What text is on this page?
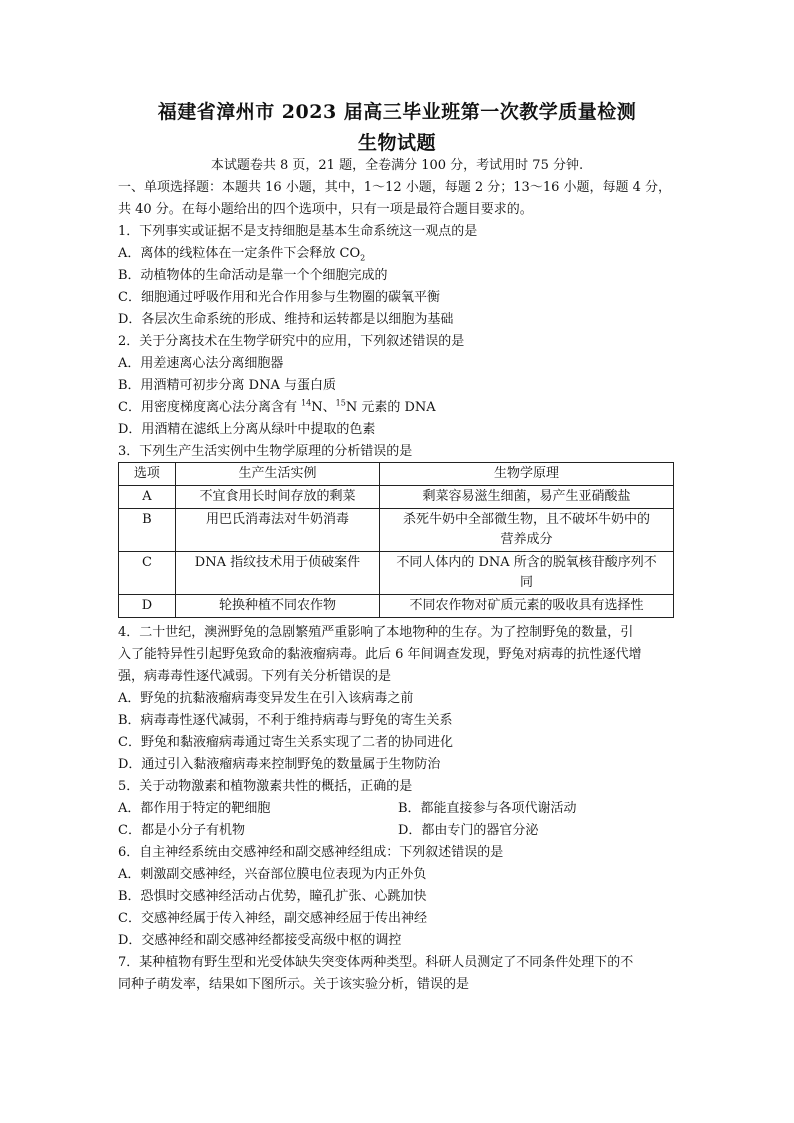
福建省漳州市 2023 届高三毕业班第一次教学质量检测
生物试题
本试题卷共 8 页，21 题，全卷满分 100 分，考试用时 75 分钟.
一、单项选择题：本题共 16 小题，其中，1～12 小题，每题 2 分；13～16 小题，每题 4 分，
共 40 分。在每小题给出的四个选项中，只有一项是最符合题目要求的。
1．下列事实或证据不是支持细胞是基本生命系统这一观点的是
A．离体的线粒体在一定条件下会释放 $CO_2$
B．动植物体的生命活动是靠一个个细胞完成的
C．细胞通过呼吸作用和光合作用参与生物圈的碳氧平衡
D．各层次生命系统的形成、维持和运转都是以细胞为基础
2．关于分离技术在生物学研究中的应用，下列叙述错误的是
A．用差速离心法分离细胞器
B．用酒精可初步分离 DNA 与蛋白质
C．用密度梯度离心法分离含有 $^{14}$N、$^{15}$N 元素的 DNA
D．用酒精在滤纸上分离从绿叶中提取的色素
3．下列生产生活实例中生物学原理的分析错误的是
选项	生产生活实例	生物学原理
A	不宜食用长时间存放的剩菜	剩菜容易滋生细菌，易产生亚硝酸盐

B	用巴氏消毒法对牛奶消毒	杀死牛奶中全部微生物，且不破坏牛奶中的
营养成分

C	DNA 指纹技术用于侦破案件	不同人体内的 DNA 所含的脱氧核苷酸序列不
同

D	轮换种植不同农作物	不同农作物对矿质元素的吸收具有选择性
4．二十世纪，澳洲野兔的急剧繁殖严重影响了本地物种的生存。为了控制野兔的数量，引
入了能特异性引起野兔致命的黏液瘤病毒。此后 6 年间调查发现，野兔对病毒的抗性逐代增
强，病毒毒性逐代减弱。下列有关分析错误的是
A．野兔的抗黏液瘤病毒变异发生在引入该病毒之前
B．病毒毒性逐代减弱，不利于维持病毒与野兔的寄生关系
C．野兔和黏液瘤病毒通过寄生关系实现了二者的协同进化
D．通过引入黏液瘤病毒来控制野兔的数量属于生物防治
5．关于动物激素和植物激素共性的概括，正确的是
A．都作用于特定的靶细胞	B．都能直接参与各项代谢活动
C．都是小分子有机物	D．都由专门的器官分泌
6．自主神经系统由交感神经和副交感神经组成：下列叙述错误的是
A．刺激副交感神经，兴奋部位膜电位表现为内正外负
B．恐惧时交感神经活动占优势，瞳孔扩张、心跳加快
C．交感神经属于传入神经，副交感神经屈于传出神经
D．交感神经和副交感神经都接受高级中枢的调控
7．某种植物有野生型和光受体缺失突变体两种类型。科研人员测定了不同条件处理下的不
同种子萌发率，结果如下图所示。关于该实验分析，错误的是
